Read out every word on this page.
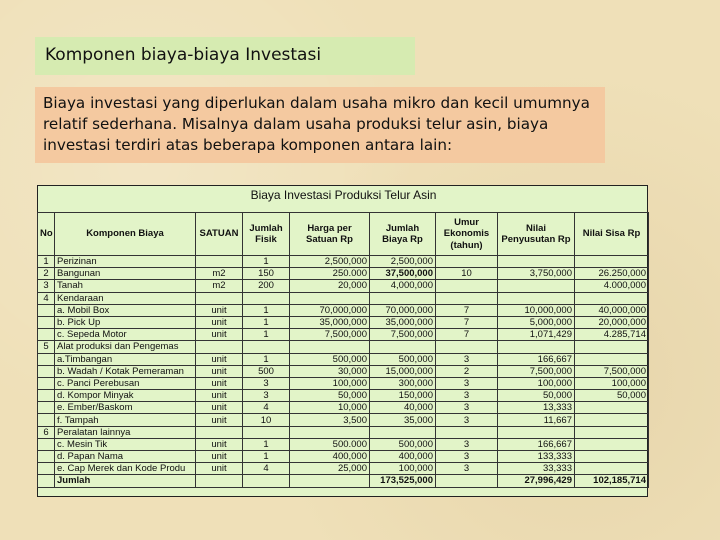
Komponen biaya-biaya Investasi
Biaya investasi yang diperlukan dalam usaha mikro dan kecil umumnya relatif sederhana. Misalnya dalam usaha produksi telur asin, biaya investasi terdiri atas beberapa komponen antara lain:
Biaya Investasi Produksi Telur Asin
No	Komponen Biaya	SATUAN	Jumlah Fisik	Harga per Satuan Rp	Jumlah Biaya Rp	Umur Ekonomis (tahun)	Nilai Penyusutan Rp	Nilai Sisa Rp
1	Perizinan		1	2,500,000	2,500,000			
2	Bangunan	m2	150	250.000	37,500,000	10	3,750,000	26.250,000
3	Tanah	m2	200	20,000	4,000,000			4.000,000
4	Kendaraan							
	a. Mobil Box	unit	1	70,000,000	70,000,000	7	10,000,000	40,000,000
	b. Pick Up	unit	1	35,000,000	35,000,000	7	5,000,000	20,000,000
	c. Sepeda Motor	unit	1	7,500,000	7,500,000	7	1,071,429	4.285,714
5	Alat produksi dan Pengemas							
	a.Timbangan	unit	1	500,000	500,000	3	166,667	
	b. Wadah / Kotak Pemeraman	unit	500	30,000	15,000,000	2	7,500,000	7,500,000
	c. Panci Perebusan	unit	3	100,000	300,000	3	100,000	100,000
	d. Kompor Minyak	unit	3	50,000	150,000	3	50,000	50,000
	e. Ember/Baskom	unit	4	10,000	40,000	3	13,333	
	f. Tampah	unit	10	3,500	35,000	3	11,667	
6	Peralatan lainnya							
	c. Mesin Tik	unit	1	500.000	500,000	3	166,667	
	d. Papan Nama	unit	1	400,000	400,000	3	133,333	
	e. Cap Merek dan Kode Produ	unit	4	25,000	100,000	3	33,333	
	Jumlah				173,525,000		27,996,429	102,185,714
